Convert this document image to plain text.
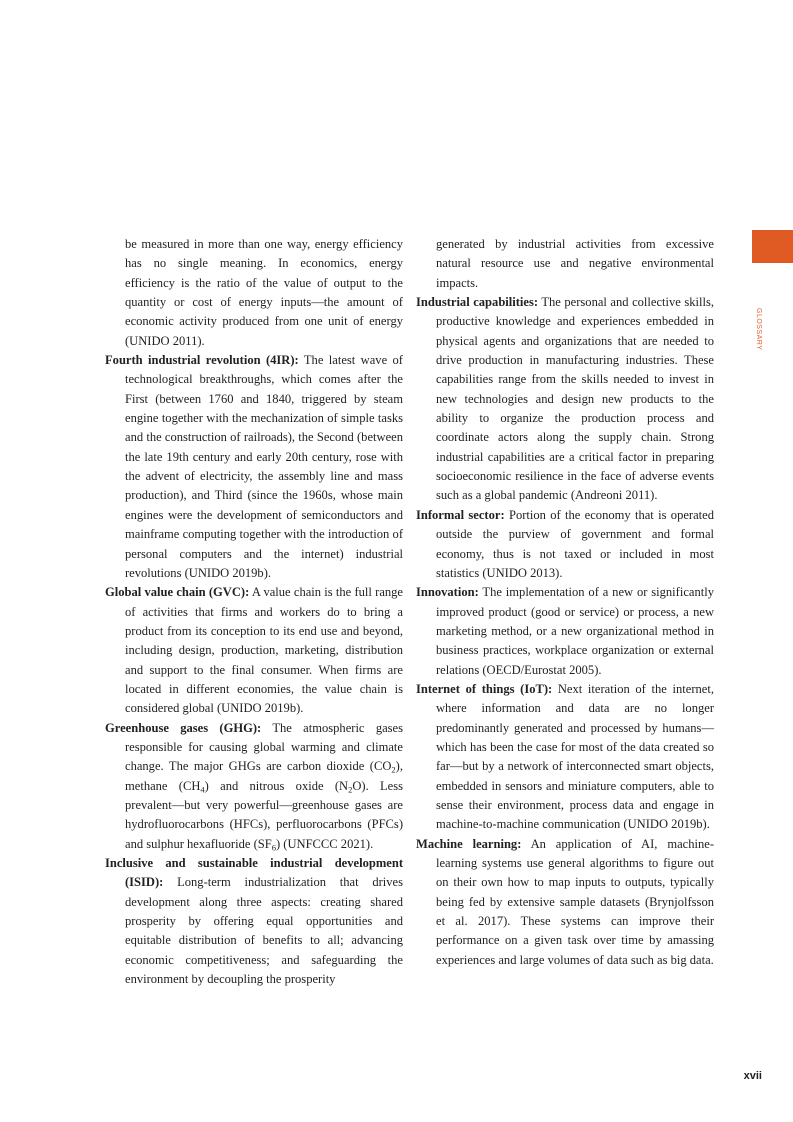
GLOSSARY

be measured in more than one way, energy efficiency has no single meaning. In economics, energy efficiency is the ratio of the value of output to the quantity or cost of energy inputs—the amount of economic activity produced from one unit of energy (UNIDO 2011).

Fourth industrial revolution (4IR): The latest wave of technological breakthroughs, which comes after the First (between 1760 and 1840, triggered by steam engine together with the mechanization of simple tasks and the construction of railroads), the Second (between the late 19th century and early 20th century, rose with the advent of electricity, the assembly line and mass production), and Third (since the 1960s, whose main engines were the development of semiconductors and mainframe computing together with the introduction of personal computers and the internet) industrial revolutions (UNIDO 2019b).

Global value chain (GVC): A value chain is the full range of activities that firms and workers do to bring a product from its conception to its end use and beyond, including design, production, marketing, distribution and support to the final consumer. When firms are located in different economies, the value chain is considered global (UNIDO 2019b).

Greenhouse gases (GHG): The atmospheric gases responsible for causing global warming and climate change. The major GHGs are carbon dioxide $(CO_2)$, methane $(CH_4)$ and nitrous oxide $(N_2O)$. Less prevalent—but very powerful—greenhouse gases are hydrofluorocarbons (HFCs), perfluorocarbons (PFCs) and sulphur hexafluoride $(SF_6)$ (UNFCCC 2021).

Inclusive and sustainable industrial development (ISID): Long-term industrialization that drives development along three aspects: creating shared prosperity by offering equal opportunities and equitable distribution of benefits to all; advancing economic competitiveness; and safeguarding the environment by decoupling the prosperity

generated by industrial activities from excessive natural resource use and negative environmental impacts.

Industrial capabilities: The personal and collective skills, productive knowledge and experiences embedded in physical agents and organizations that are needed to drive production in manufacturing industries. These capabilities range from the skills needed to invest in new technologies and design new products to the ability to organize the production process and coordinate actors along the supply chain. Strong industrial capabilities are a critical factor in preparing socioeconomic resilience in the face of adverse events such as a global pandemic (Andreoni 2011).

Informal sector: Portion of the economy that is operated outside the purview of government and formal economy, thus is not taxed or included in most statistics (UNIDO 2013).

Innovation: The implementation of a new or significantly improved product (good or service) or process, a new marketing method, or a new organizational method in business practices, workplace organization or external relations (OECD/Eurostat 2005).

Internet of things (IoT): Next iteration of the internet, where information and data are no longer predominantly generated and processed by humans—which has been the case for most of the data created so far—but by a network of interconnected smart objects, embedded in sensors and miniature computers, able to sense their environment, process data and engage in machine-to-machine communication (UNIDO 2019b).

Machine learning: An application of AI, machine-learning systems use general algorithms to figure out on their own how to map inputs to outputs, typically being fed by extensive sample datasets (Brynjolfsson et al. 2017). These systems can improve their performance on a given task over time by amassing experiences and large volumes of data such as big data.

xvii
